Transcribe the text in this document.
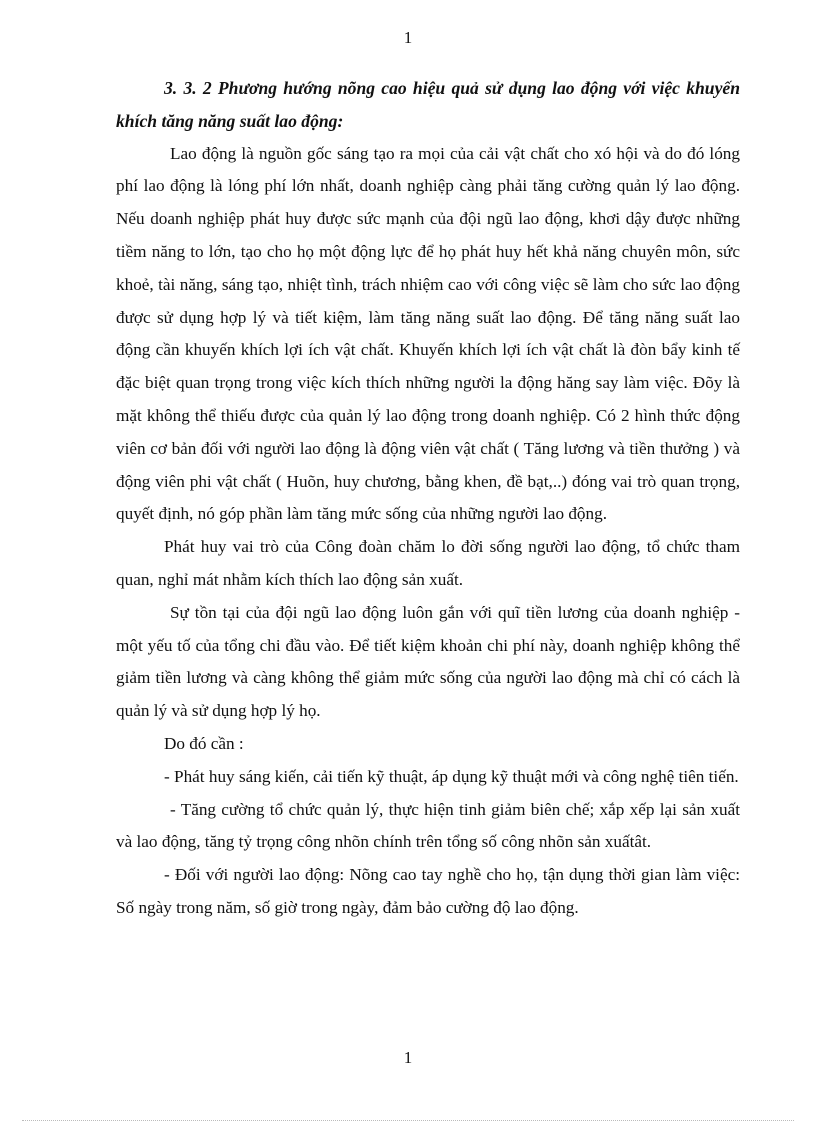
1

3. 3. 2 Phương hướng nõng cao hiệu quả sử dụng lao động với việc khuyến khích tăng năng suất lao động:

Lao động là nguồn gốc sáng tạo ra mọi của cải vật chất cho xó hội và do đó lóng phí lao động là lóng phí lớn nhất, doanh nghiệp càng phải tăng cường quản lý lao động. Nếu doanh nghiệp phát huy được sức mạnh của đội ngũ lao động, khơi dậy được những tiềm năng to lớn, tạo cho họ một động lực để họ phát huy hết khả năng chuyên môn, sức khoẻ, tài năng, sáng tạo, nhiệt tình, trách nhiệm cao với công việc sẽ làm cho sức lao động được sử dụng hợp lý và tiết kiệm, làm tăng năng suất lao động. Để tăng năng suất lao động cần khuyến khích lợi ích vật chất. Khuyến khích lợi ích vật chất là đòn bẩy kinh tế đặc biệt quan trọng trong việc kích thích những người la động hăng say làm việc. Đõy là mặt không thể thiếu được của quản lý lao động trong doanh nghiệp. Có 2 hình thức động viên cơ bản đối với người lao động là động viên vật chất ( Tăng lương và tiền thưởng ) và động viên phi vật chất ( Huõn, huy chương, bằng khen, đề bạt,..) đóng vai trò quan trọng, quyết định, nó góp phần làm tăng mức sống của những người lao động.

Phát huy vai trò của Công đoàn chăm lo đời sống người lao động, tổ chức tham quan, nghỉ mát nhằm kích thích lao động sản xuất.

Sự tồn tại của đội ngũ lao động luôn gắn với quĩ tiền lương của doanh nghiệp - một yếu tố của tổng chi đầu vào. Để tiết kiệm khoản chi phí này, doanh nghiệp không thể giảm tiền lương và càng không thể giảm mức sống của người lao động mà chỉ có cách là quản lý và sử dụng hợp lý họ.

Do đó cần :

- Phát huy sáng kiến, cải tiến kỹ thuật, áp dụng kỹ thuật mới và công nghệ tiên tiến.

- Tăng cường tổ chức quản lý, thực hiện tinh giảm biên chế; xắp xếp lại sản xuất và lao động, tăng tỷ trọng công nhõn chính trên tổng số công nhõn sản xuấtât.

- Đối với người lao động: Nõng cao tay nghề cho họ, tận dụng thời gian làm việc: Số ngày trong năm, số giờ trong ngày, đảm bảo cường độ lao động.

1
